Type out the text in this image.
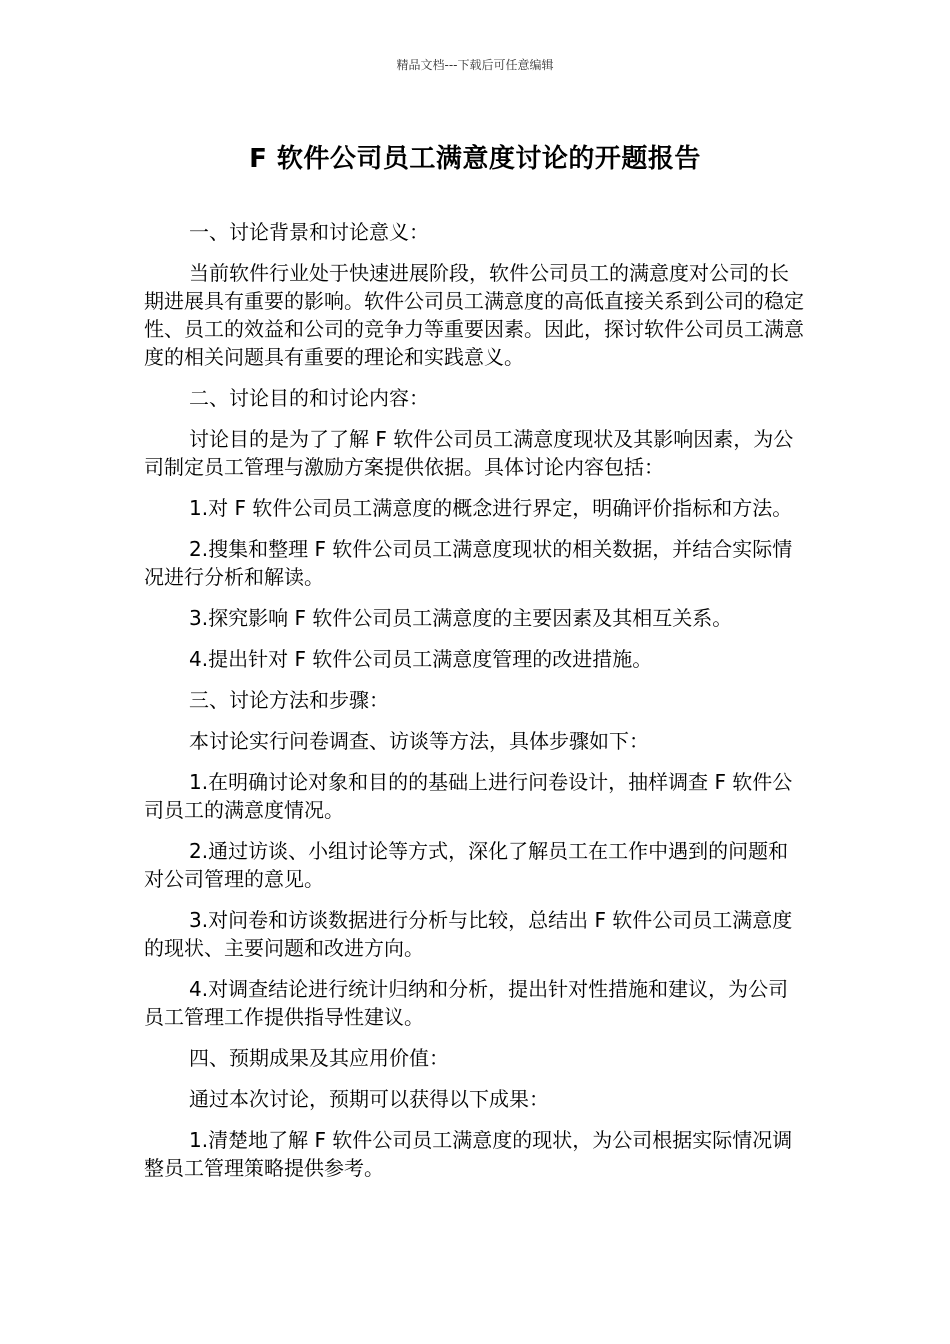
精品文档---下载后可任意编辑
F 软件公司员工满意度讨论的开题报告

一、讨论背景和讨论意义：

当前软件行业处于快速进展阶段，软件公司员工的满意度对公司的长期进展具有重要的影响。软件公司员工满意度的高低直接关系到公司的稳定性、员工的效益和公司的竞争力等重要因素。因此，探讨软件公司员工满意度的相关问题具有重要的理论和实践意义。

二、讨论目的和讨论内容：

讨论目的是为了了解 F 软件公司员工满意度现状及其影响因素，为公司制定员工管理与激励方案提供依据。具体讨论内容包括：

1.对 F 软件公司员工满意度的概念进行界定，明确评价指标和方法。

2.搜集和整理 F 软件公司员工满意度现状的相关数据，并结合实际情况进行分析和解读。

3.探究影响 F 软件公司员工满意度的主要因素及其相互关系。

4.提出针对 F 软件公司员工满意度管理的改进措施。

三、讨论方法和步骤：

本讨论实行问卷调查、访谈等方法，具体步骤如下：

1.在明确讨论对象和目的的基础上进行问卷设计，抽样调查 F 软件公司员工的满意度情况。

2.通过访谈、小组讨论等方式，深化了解员工在工作中遇到的问题和对公司管理的意见。

3.对问卷和访谈数据进行分析与比较，总结出 F 软件公司员工满意度的现状、主要问题和改进方向。

4.对调查结论进行统计归纳和分析，提出针对性措施和建议，为公司员工管理工作提供指导性建议。

四、预期成果及其应用价值：

通过本次讨论，预期可以获得以下成果：

1.清楚地了解 F 软件公司员工满意度的现状，为公司根据实际情况调整员工管理策略提供参考。
